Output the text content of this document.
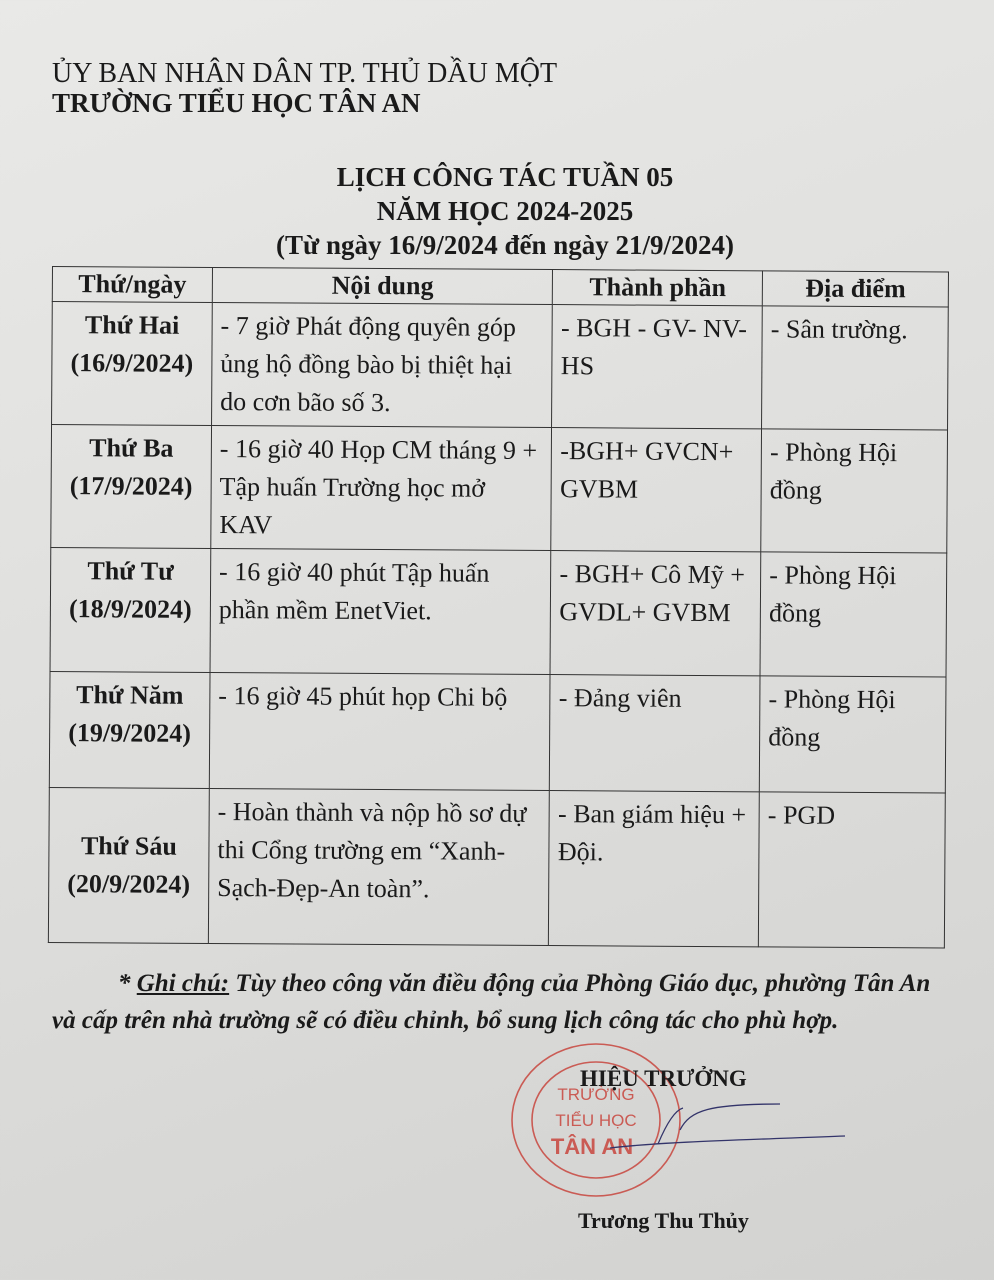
ỦY BAN NHÂN DÂN TP. THỦ DẦU MỘT
TRƯỜNG TIỂU HỌC TÂN AN
LỊCH CÔNG TÁC TUẦN 05
NĂM HỌC 2024-2025
(Từ ngày 16/9/2024 đến ngày 21/9/2024)
Thứ/ngày	Nội dung	Thành phần	Địa điểm

Thứ Hai
(16/9/2024)	- 7 giờ Phát động quyên góp ủng hộ đồng bào bị thiệt hại do cơn bão số 3.	- BGH - GV- NV- HS	- Sân trường.

Thứ Ba
(17/9/2024)	- 16 giờ 40 Họp CM tháng 9 + Tập huấn Trường học mở KAV	-BGH+ GVCN+ GVBM	- Phòng Hội đồng

Thứ Tư
(18/9/2024)	- 16 giờ 40 phút Tập huấn phần mềm EnetViet.	- BGH+ Cô Mỹ + GVDL+ GVBM	- Phòng Hội đồng

Thứ Năm
(19/9/2024)	- 16 giờ 45 phút họp Chi bộ	- Đảng viên	- Phòng Hội đồng

Thứ Sáu
(20/9/2024)	- Hoàn thành và nộp hồ sơ dự thi Cổng trường em “Xanh- Sạch-Đẹp-An toàn”.	- Ban giám hiệu + Đội.	- PGD
* Ghi chú: Tùy theo công văn điều động của Phòng Giáo dục, phường Tân An và cấp trên nhà trường sẽ có điều chỉnh, bổ sung lịch công tác cho phù hợp.
TRƯỜNG
TIỂU HỌC
TÂN AN
HIỆU TRƯỞNG
Trương Thu Thủy
